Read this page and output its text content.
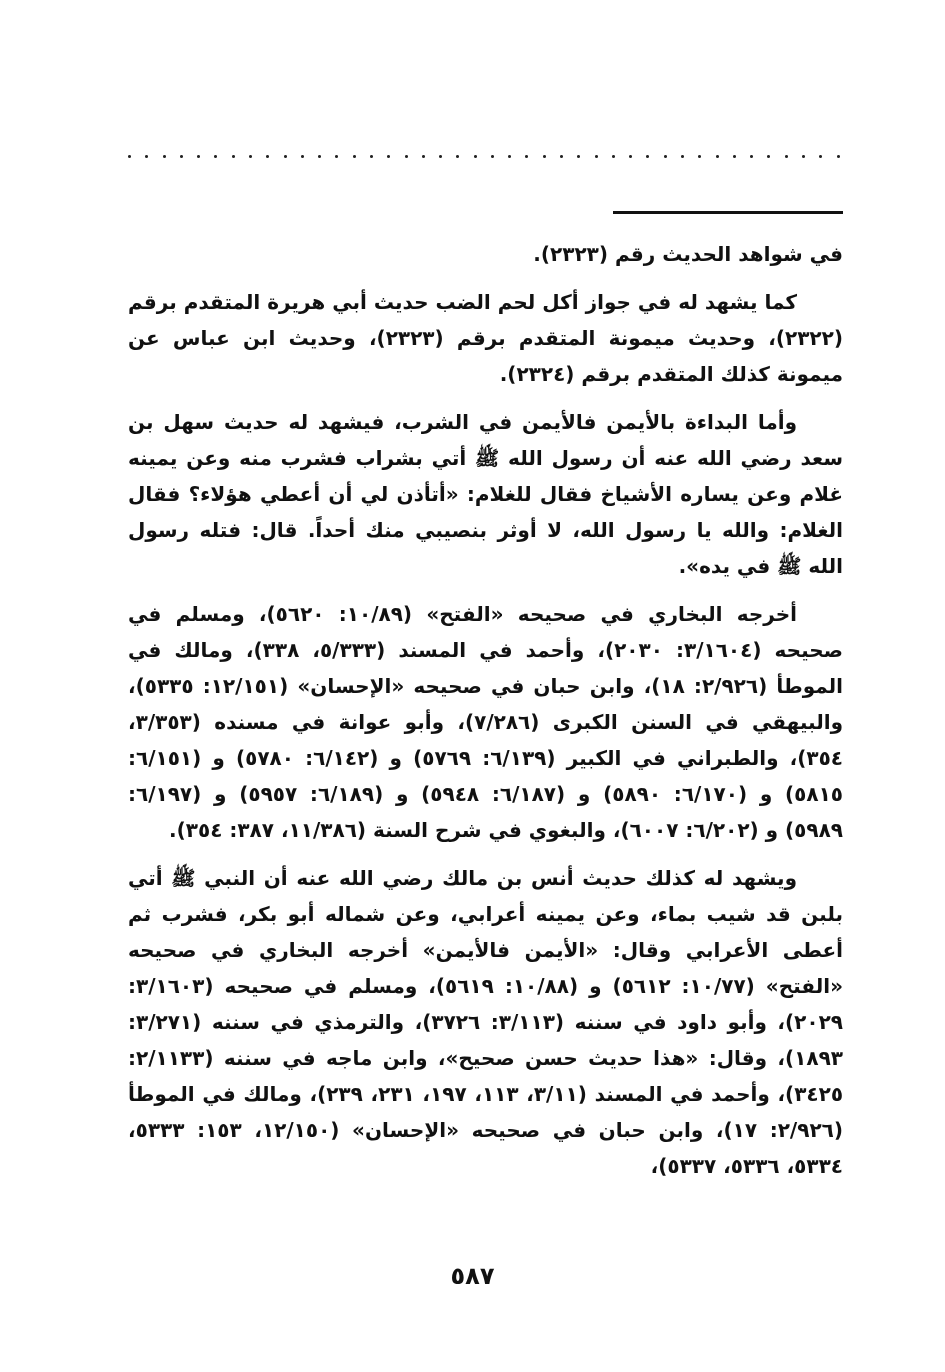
في شواهد الحديث رقم (٢٣٢٣).

كما يشهد له في جواز أكل لحم الضب حديث أبي هريرة المتقدم برقم (٢٣٢٢)، وحديث ميمونة المتقدم برقم (٢٣٢٣)، وحديث ابن عباس عن ميمونة كذلك المتقدم برقم (٢٣٢٤).

وأما البداءة بالأيمن فالأيمن في الشرب، فيشهد له حديث سهل بن سعد رضي الله عنه أن رسول الله ﷺ أتي بشراب فشرب منه وعن يمينه غلام وعن يساره الأشياخ فقال للغلام: «أتأذن لي أن أعطي هؤلاء؟ فقال الغلام: والله يا رسول الله، لا أوثر بنصيبي منك أحداً. قال: فتله رسول الله ﷺ في يده».

أخرجه البخاري في صحيحه «الفتح» (١٠/٨٩: ٥٦٢٠)، ومسلم في صحيحه (٣/١٦٠٤: ٢٠٣٠)، وأحمد في المسند (٥/٣٣٣، ٣٣٨)، ومالك في الموطأ (٢/٩٢٦: ١٨)، وابن حبان في صحيحه «الإحسان» (١٢/١٥١: ٥٣٣٥)، والبيهقي في السنن الكبرى (٧/٢٨٦)، وأبو عوانة في مسنده (٣/٣٥٣، ٣٥٤)، والطبراني في الكبير (٦/١٣٩: ٥٧٦٩) و (٦/١٤٢: ٥٧٨٠) و (٦/١٥١: ٥٨١٥) و (٦/١٧٠: ٥٨٩٠) و (٦/١٨٧: ٥٩٤٨) و (٦/١٨٩: ٥٩٥٧) و (٦/١٩٧: ٥٩٨٩) و (٦/٢٠٢: ٦٠٠٧)، والبغوي في شرح السنة (١١/٣٨٦، ٣٨٧: ٣٥٤).

ويشهد له كذلك حديث أنس بن مالك رضي الله عنه أن النبي ﷺ أتي بلبن قد شيب بماء، وعن يمينه أعرابي، وعن شماله أبو بكر، فشرب ثم أعطى الأعرابي وقال: «الأيمن فالأيمن» أخرجه البخاري في صحيحه «الفتح» (١٠/٧٧: ٥٦١٢) و (١٠/٨٨: ٥٦١٩)، ومسلم في صحيحه (٣/١٦٠٣: ٢٠٢٩)، وأبو داود في سننه (٣/١١٣: ٣٧٢٦)، والترمذي في سننه (٣/٢٧١: ١٨٩٣)، وقال: «هذا حديث حسن صحيح»، وابن ماجه في سننه (٢/١١٣٣: ٣٤٢٥)، وأحمد في المسند (٣/١١، ١١٣، ١٩٧، ٢٣١، ٢٣٩)، ومالك في الموطأ (٢/٩٢٦: ١٧)، وابن حبان في صحيحه «الإحسان» (١٢/١٥٠، ١٥٣: ٥٣٣٣، ٥٣٣٤، ٥٣٣٦، ٥٣٣٧)،

٥٨٧
